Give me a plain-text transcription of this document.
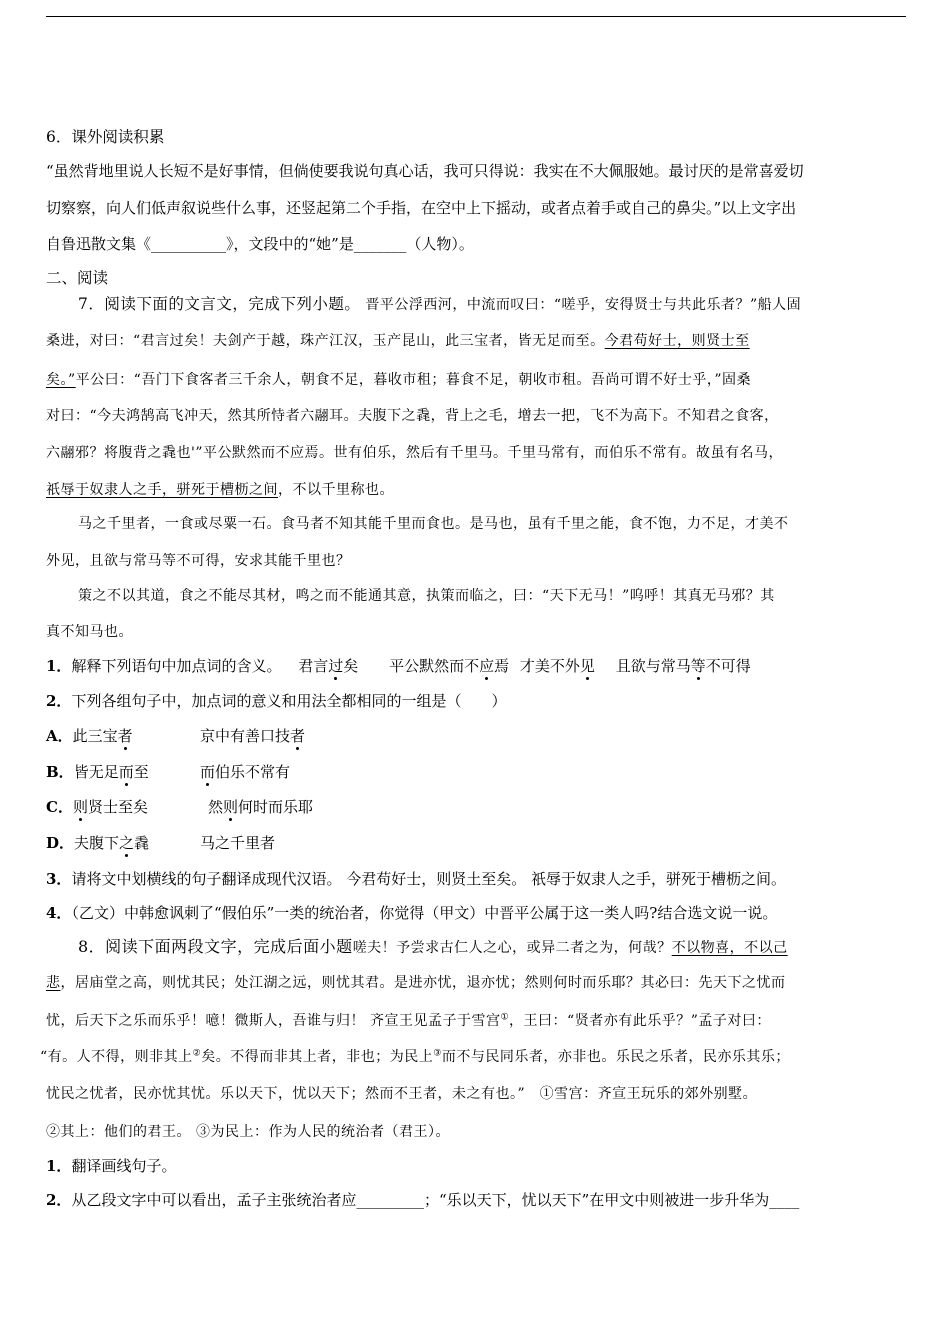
6．课外阅读积累
“虽然背地里说人长短不是好事情，但倘使要我说句真心话，我可只得说：我实在不大佩服她。最讨厌的是常喜爱切
切察察，向人们低声叙说些什么事，还竖起第二个手指，在空中上下摇动，或者点着手或自己的鼻尖。”以上文字出
自鲁迅散文集《__________》，文段中的“她”是_______（人物）。
二、阅读
7．阅读下面的文言文，完成下列小题。 晋平公浮西河，中流而叹曰：“嗟乎，安得贤士与共此乐者？”船人固
桑进，对曰：“君言过矣！夫剑产于越，珠产江汉，玉产昆山，此三宝者，皆无足而至。今君苟好士，则贤士至
矣。”平公曰：“吾门下食客者三千余人，朝食不足，暮收市租；暮食不足，朝收市租。吾尚可谓不好士乎，”固桑
对曰：“今夫鸿鹄高飞冲天，然其所恃者六翮耳。夫腹下之毳，背上之毛，增去一把，飞不为高下。不知君之食客，
六翮邪？将腹背之毳也'”平公默然而不应焉。世有伯乐，然后有千里马。千里马常有，而伯乐不常有。故虽有名马，
祇辱于奴隶人之手，骈死于槽枥之间，不以千里称也。
马之千里者，一食或尽粟一石。食马者不知其能千里而食也。是马也，虽有千里之能，食不饱，力不足，才美不
外见，且欲与常马等不可得，安求其能千里也？
策之不以其道，食之不能尽其材，鸣之而不能通其意，执策而临之，曰：“天下无马！”呜呼！其真无马邪？其
真不知马也。
1．解释下列语句中加点词的含义。 君言过矣 平公默然而不应焉 才美不外见 且欲与常马等不可得
2．下列各组句子中，加点词的意义和用法全都相同的一组是（　　）
A．此三宝者	京中有善口技者
B．皆无足而至	而伯乐不常有
C．则贤士至矣	然则何时而乐耶
D．夫腹下之毳	马之千里者
3．请将文中划横线的句子翻译成现代汉语。 今君苟好士，则贤土至矣。 祇辱于奴隶人之手，骈死于槽枥之间。
4．（乙文）中韩愈讽刺了“假伯乐”一类的统治者，你觉得（甲文）中晋平公属于这一类人吗?结合选文说一说。
8．阅读下面两段文字，完成后面小题嗟夫！予尝求古仁人之心，或异二者之为，何哉？不以物喜，不以己
悲，居庙堂之高，则忧其民；处江湖之远，则忧其君。是进亦忧，退亦忧；然则何时而乐耶？其必曰：先天下之忧而
忧，后天下之乐而乐乎！噫！微斯人，吾谁与归！ 齐宣王见孟子于雪宫①，王曰：“贤者亦有此乐乎？”孟子对曰：
“有。人不得，则非其上②矣。不得而非其上者，非也；为民上③而不与民同乐者，亦非也。乐民之乐者，民亦乐其乐；
忧民之忧者，民亦忧其忧。乐以天下，忧以天下；然而不王者，未之有也。”　①雪宫：齐宣王玩乐的郊外别墅。
②其上：他们的君王。 ③为民上：作为人民的统治者（君王）。
1．翻译画线句子。
2．从乙段文字中可以看出，孟子主张统治者应_________；“乐以天下，忧以天下”在甲文中则被进一步升华为____
